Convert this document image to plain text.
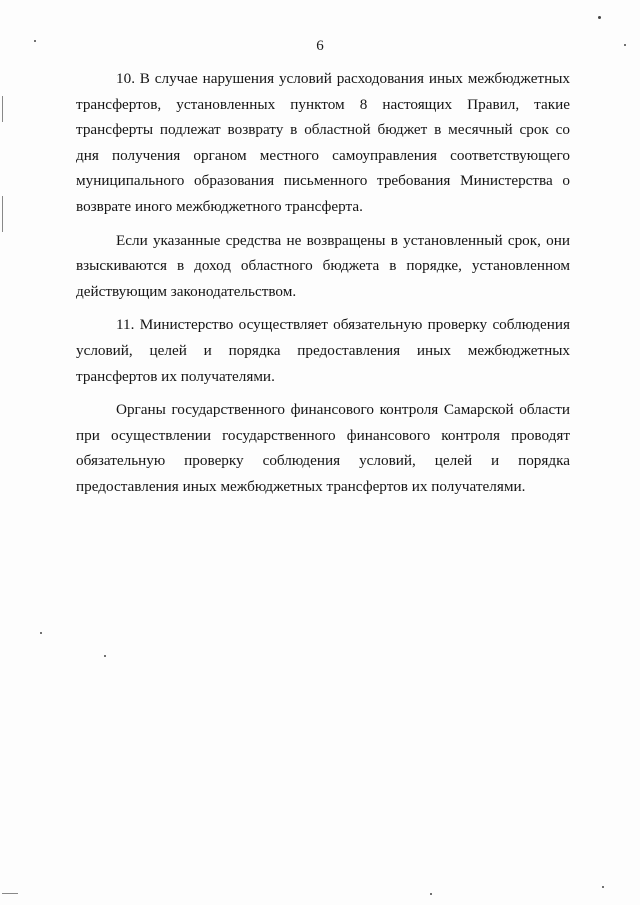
6
10. В случае нарушения условий расходования иных межбюджетных
трансфертов, установленных пунктом 8 настоящих Правил, такие
трансферты подлежат возврату в областной бюджет в месячный срок со
дня получения органом местного самоуправления соответствующего
муниципального образования письменного требования Министерства о
возврате иного межбюджетного трансферта.
Если указанные средства не возвращены в установленный срок, они
взыскиваются в доход областного бюджета в порядке, установленном
действующим законодательством.
11. Министерство осуществляет обязательную проверку соблюдения
условий, целей и порядка предоставления иных межбюджетных
трансфертов их получателями.
Органы государственного финансового контроля Самарской области
при осуществлении государственного финансового контроля проводят
обязательную проверку соблюдения условий, целей и порядка
предоставления иных межбюджетных трансфертов их получателями.
